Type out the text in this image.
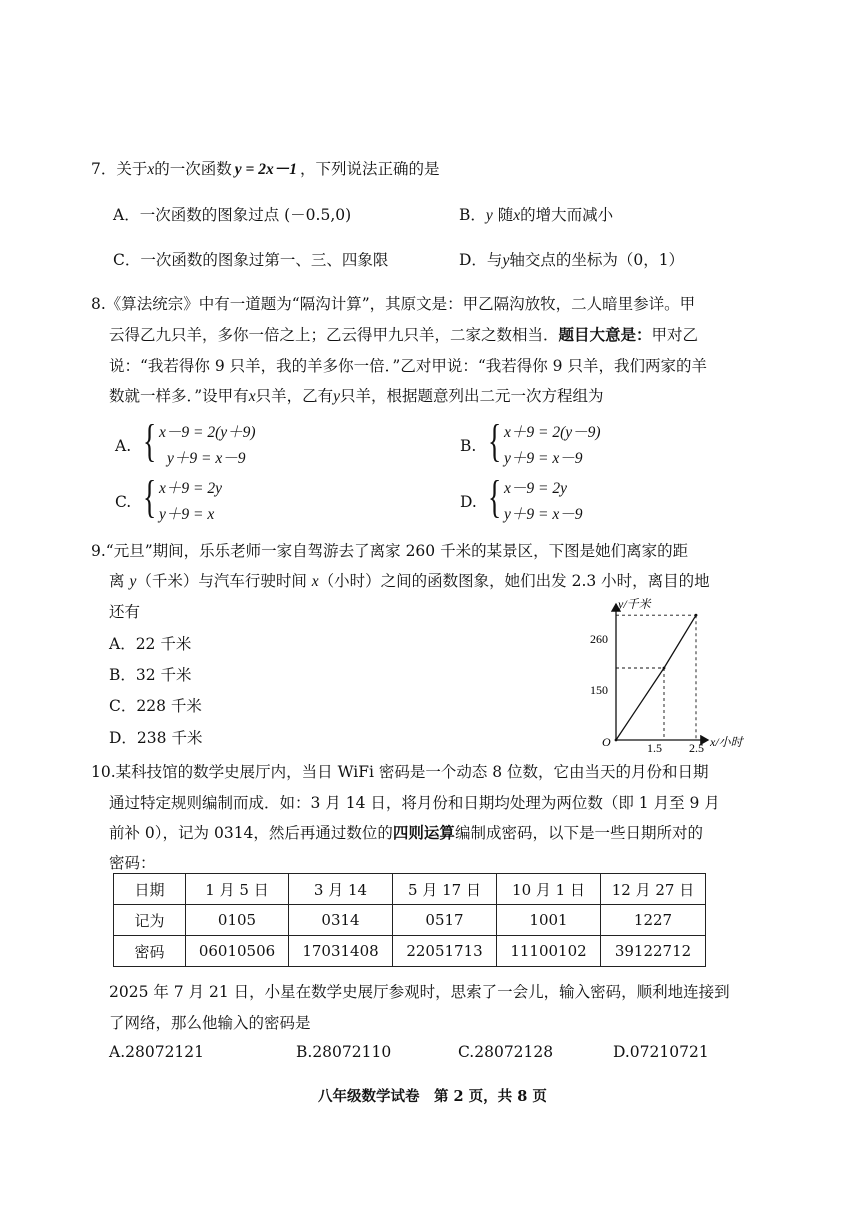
7．关于x的一次函数 y = 2x－1 ，下列说法正确的是
A．一次函数的图象过点 (－0.5,0)	B．y 随x的增大而减小
C．一次函数的图象过第一、三、四象限	D．与y轴交点的坐标为（0，1）
8.《算法统宗》中有一道题为“隔沟计算”，其原文是：甲乙隔沟放牧，二人暗里参详。甲
云得乙九只羊，多你一倍之上；乙云得甲九只羊，二家之数相当．题目大意是：甲对乙
说：“我若得你 9 只羊，我的羊多你一倍．”乙对甲说：“我若得你 9 只羊，我们两家的羊
数就一样多．”设甲有x只羊，乙有y只羊，根据题意列出二元一次方程组为
A. { x－9 = 2(y＋9)
y＋9 = x－9
B. { x＋9 = 2(y－9)
y＋9 = x－9
C. { x＋9 = 2y
y＋9 = x
D. { x－9 = 2y
y＋9 = x－9
9.“元旦”期间，乐乐老师一家自驾游去了离家 260 千米的某景区，下图是她们离家的距
离 y（千米）与汽车行驶时间 x（小时）之间的函数图象，她们出发 2.3 小时，离目的地
还有
A．22 千米
B．32 千米
C．228 千米
D．238 千米
y/千米
x/小时
O
150
260
1.5 2.5
10.某科技馆的数学史展厅内，当日 WiFi 密码是一个动态 8 位数，它由当天的月份和日期
通过特定规则编制而成．如：3 月 14 日，将月份和日期均处理为两位数（即 1 月至 9 月
前补 0），记为 0314，然后再通过数位的四则运算编制成密码，以下是一些日期所对的
密码：
日期	1 月 5 日	3 月 14	5 月 17 日	10 月 1 日	12 月 27 日
记为	0105	0314	0517	1001	1227
密码	06010506	17031408	22051713	11100102	39122712
2025 年 7 月 21 日，小星在数学史展厅参观时，思索了一会儿，输入密码，顺利地连接到
了网络，那么他输入的密码是
A.28072121	B.28072110	C.28072128	D.07210721
八年级数学试卷　第 2 页，共 8 页
